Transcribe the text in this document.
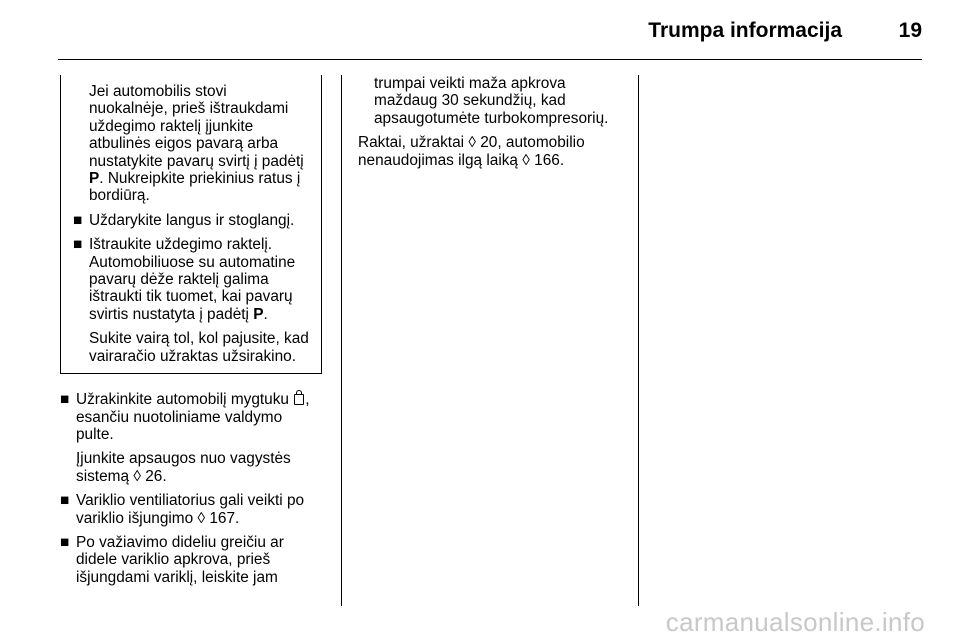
Trumpa informacija	19

Jei automobilis stovi nuokalnėje, prieš ištraukdami uždegimo raktelį įjunkite atbulinės eigos pavarą arba nustatykite pavarų svirtį į padėtį P. Nukreipkite priekinius ratus į bordiūrą.

■ Uždarykite langus ir stoglangį.

■ Ištraukite uždegimo raktelį. Automobiliuose su automatine pavarų dėže raktelį galima ištraukti tik tuomet, kai pavarų svirtis nustatyta į padėtį P.

Sukite vairą tol, kol pajusite, kad vairaračio užraktas užsirakino.

■ Užrakinkite automobilį mygtuku , esančiu nuotoliniame valdymo pulte.

Įjunkite apsaugos nuo vagystės sistemą ◊ 26.

■ Variklio ventiliatorius gali veikti po variklio išjungimo ◊ 167.

■ Po važiavimo dideliu greičiu ar didele variklio apkrova, prieš išjungdami variklį, leiskite jam

trumpai veikti maža apkrova maždaug 30 sekundžių, kad apsaugotumėte turbokompresorių.

Raktai, užraktai ◊ 20, automobilio nenaudojimas ilgą laiką ◊ 166.

carmanualsonline.info
